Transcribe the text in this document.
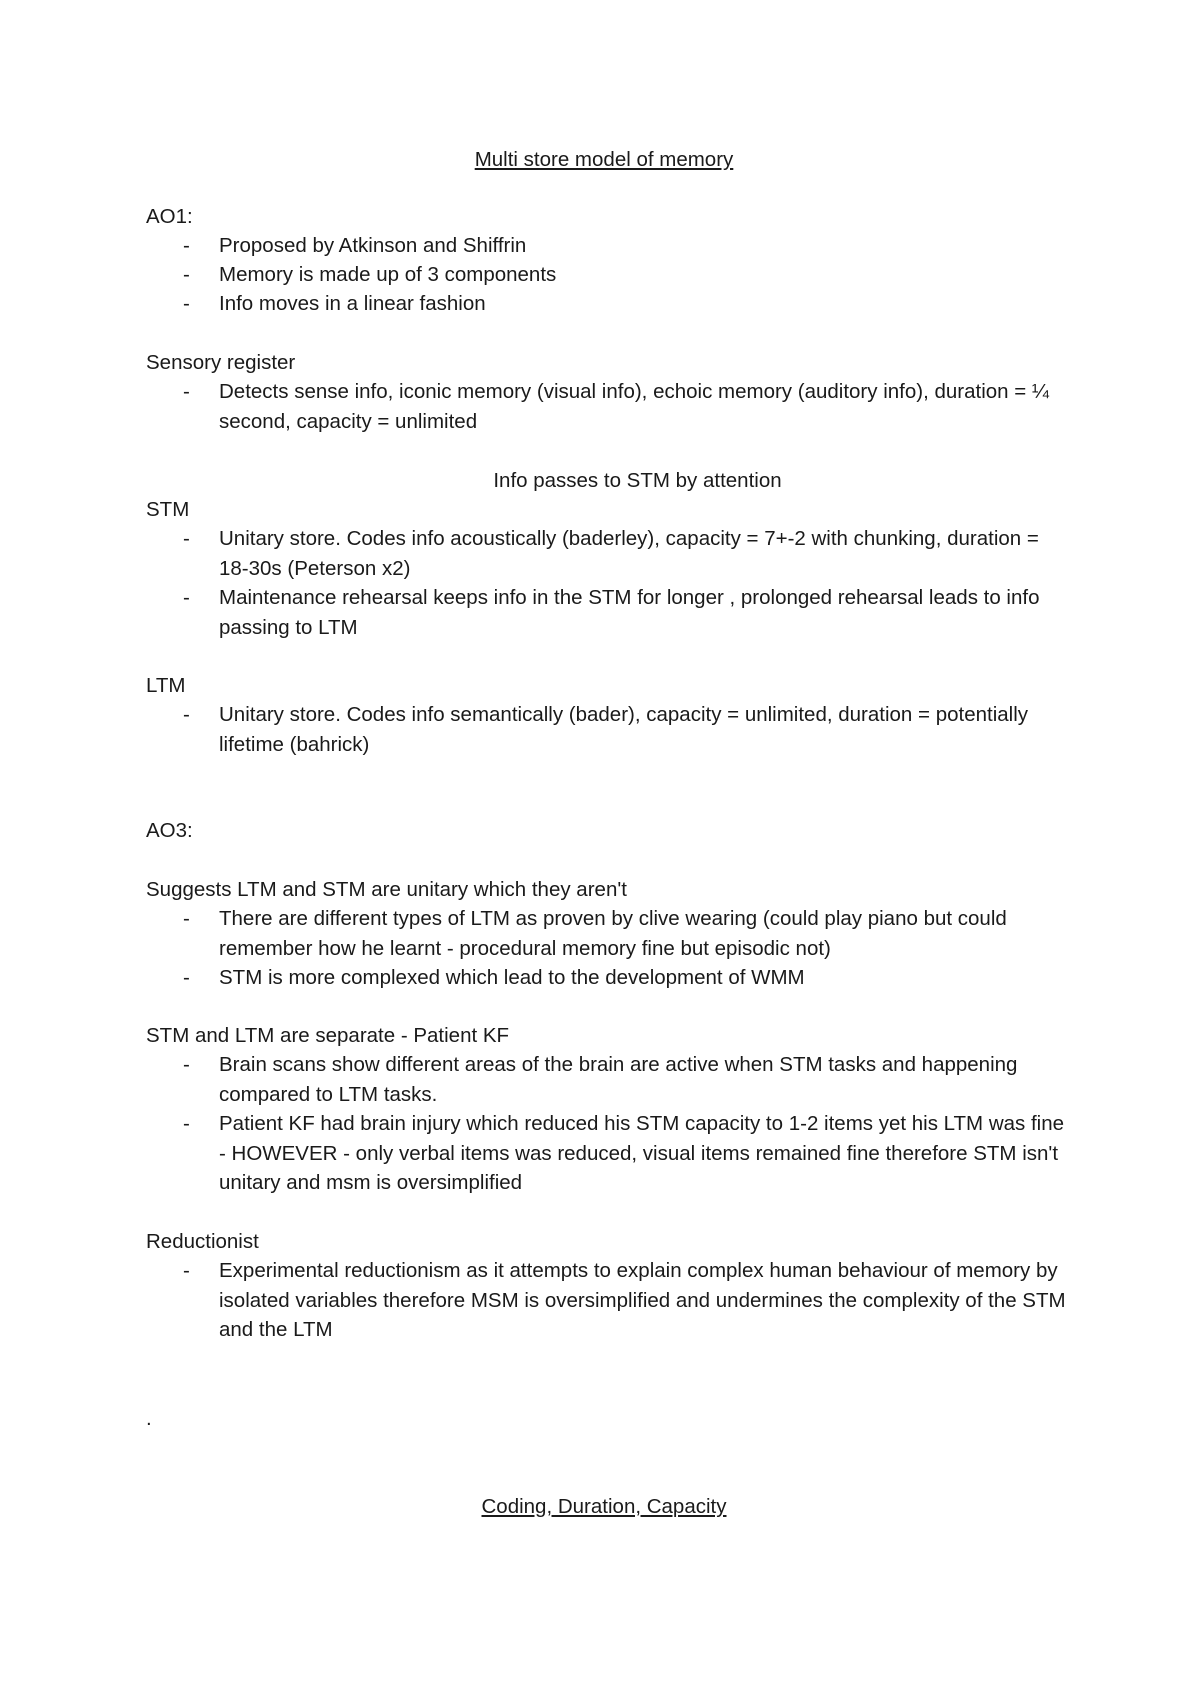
Multi store model of memory
AO1:
- Proposed by Atkinson and Shiffrin
- Memory is made up of 3 components
- Info moves in a linear fashion
Sensory register
- Detects sense info, iconic memory (visual info), echoic memory (auditory info), duration = ¼ second, capacity = unlimited
Info passes to STM by attention
STM
- Unitary store. Codes info acoustically (baderley), capacity = 7+-2 with chunking, duration = 18-30s (Peterson x2)
- Maintenance rehearsal keeps info in the STM for longer , prolonged rehearsal leads to info passing to LTM
LTM
- Unitary store. Codes info semantically (bader), capacity = unlimited, duration = potentially lifetime (bahrick)
AO3:
Suggests LTM and STM are unitary which they aren't
- There are different types of LTM as proven by clive wearing (could play piano but could remember how he learnt - procedural memory fine but episodic not)
- STM is more complexed which lead to the development of WMM
STM and LTM are separate - Patient KF
- Brain scans show different areas of the brain are active when STM tasks and happening compared to LTM tasks.
- Patient KF had brain injury which reduced his STM capacity to 1-2 items yet his LTM was fine - HOWEVER - only verbal items was reduced, visual items remained fine therefore STM isn't unitary and msm is oversimplified
Reductionist
- Experimental reductionism as it attempts to explain complex human behaviour of memory by isolated variables therefore MSM is oversimplified and undermines the complexity of the STM and the LTM
.
Coding, Duration, Capacity
